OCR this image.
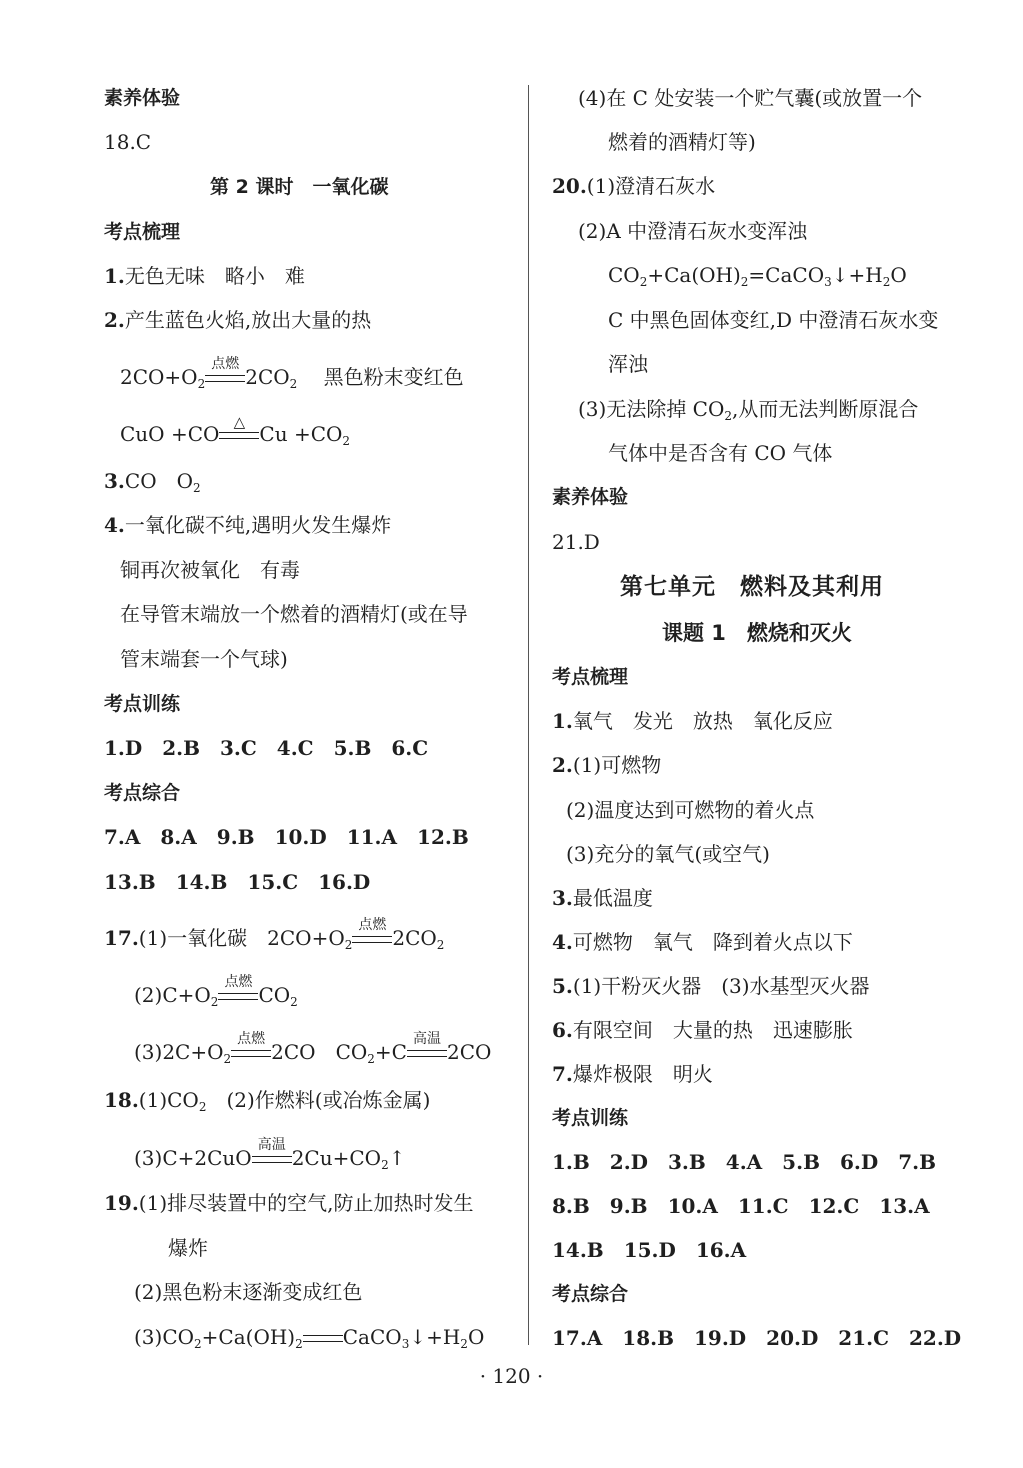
素养体验
18.C
第 2 课时　一氧化碳
考点梳理
1.无色无味　略小　难
2.产生蓝色火焰,放出大量的热
$2CO+O_2$
点燃
$2CO_2$　 黑色粉末变红色
CuO +CO △ $Cu +CO_2$
3.CO　$O_2$
4.一氧化碳不纯,遇明火发生爆炸
铜再次被氧化　有毒
在导管末端放一个燃着的酒精灯(或在导
管末端套一个气球)
考点训练
1.D　2.B　3.C　4.C　5.B　6.C
考点综合
7.A　8.A　9.B　10.D　11.A　12.B
13.B　14.B　15.C　16.D
17.(1)一氧化碳　$2CO+O_2$
点燃
$2CO_2$
$(2)C+O_2$
点燃
$CO_2$
$(3)2C+O_2$
点燃
2CO　$CO_2+C$
高温
2CO
$18.(1)CO_2$　 (2)作燃料(或冶炼金属)
(3)C+2CuO
高温
$2Cu+CO_2↑$
19.(1)排尽装置中的空气,防止加热时发生
爆炸
(2)黑色粉末逐渐变成红色
$(3)CO_2+Ca(OH)_2$ $CaCO_3↓+H_2O$
(4)在 C 处安装一个贮气囊(或放置一个
燃着的酒精灯等)
20.(1)澄清石灰水
(2)A 中澄清石灰水变浑浊
$CO_2+Ca(OH)_2=CaCO_3↓+H_2O$
C 中黑色固体变红,D 中澄清石灰水变
浑浊
(3)无法除掉 $CO_2$,从而无法判断原混合
气体中是否含有 CO 气体
素养体验
21.D
第七单元　燃料及其利用
课题 1　燃烧和灭火
考点梳理
1.氧气　发光　放热　氧化反应
2.(1)可燃物
(2)温度达到可燃物的着火点
(3)充分的氧气(或空气)
3.最低温度
4.可燃物　氧气　降到着火点以下
5.(1)干粉灭火器　(3)水基型灭火器
6.有限空间　大量的热　迅速膨胀
7.爆炸极限　明火
考点训练
1.B　2.D　3.B　4.A　5.B　6.D　7.B
8.B　9.B　10.A　11.C　12.C　13.A
14.B　15.D　16.A
考点综合
17.A　18.B　19.D　20.D　21.C　22.D
· 120 ·
